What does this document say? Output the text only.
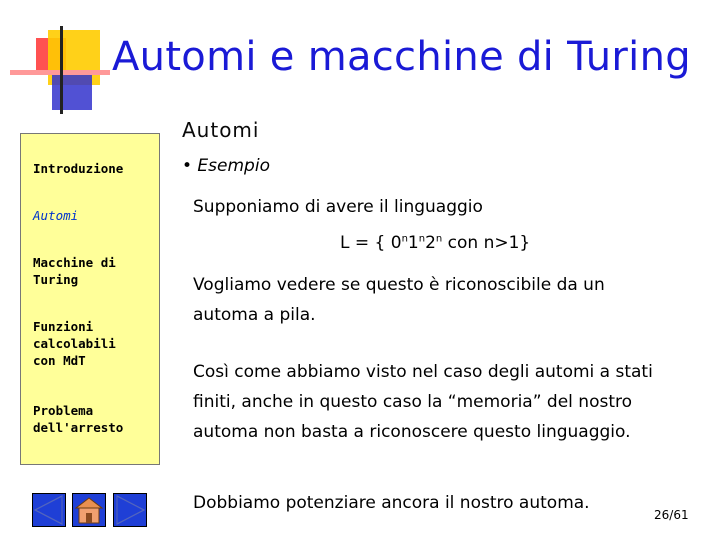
Automi e macchine di Turing
Automi
Introduzione
Automi
Macchine di Turing
Funzioni calcolabili con MdT
Problema dell'arresto
• Esempio
Supponiamo di avere il linguaggio
L = { 0$^n$1$^n$2$^n$ con n>1}
Vogliamo vedere se questo è riconoscibile da un automa a pila.
Così come abbiamo visto nel caso degli automi a stati finiti, anche in questo caso la “memoria” del nostro automa non basta a riconoscere questo linguaggio.
Dobbiamo potenziare ancora il nostro automa.
26/61
